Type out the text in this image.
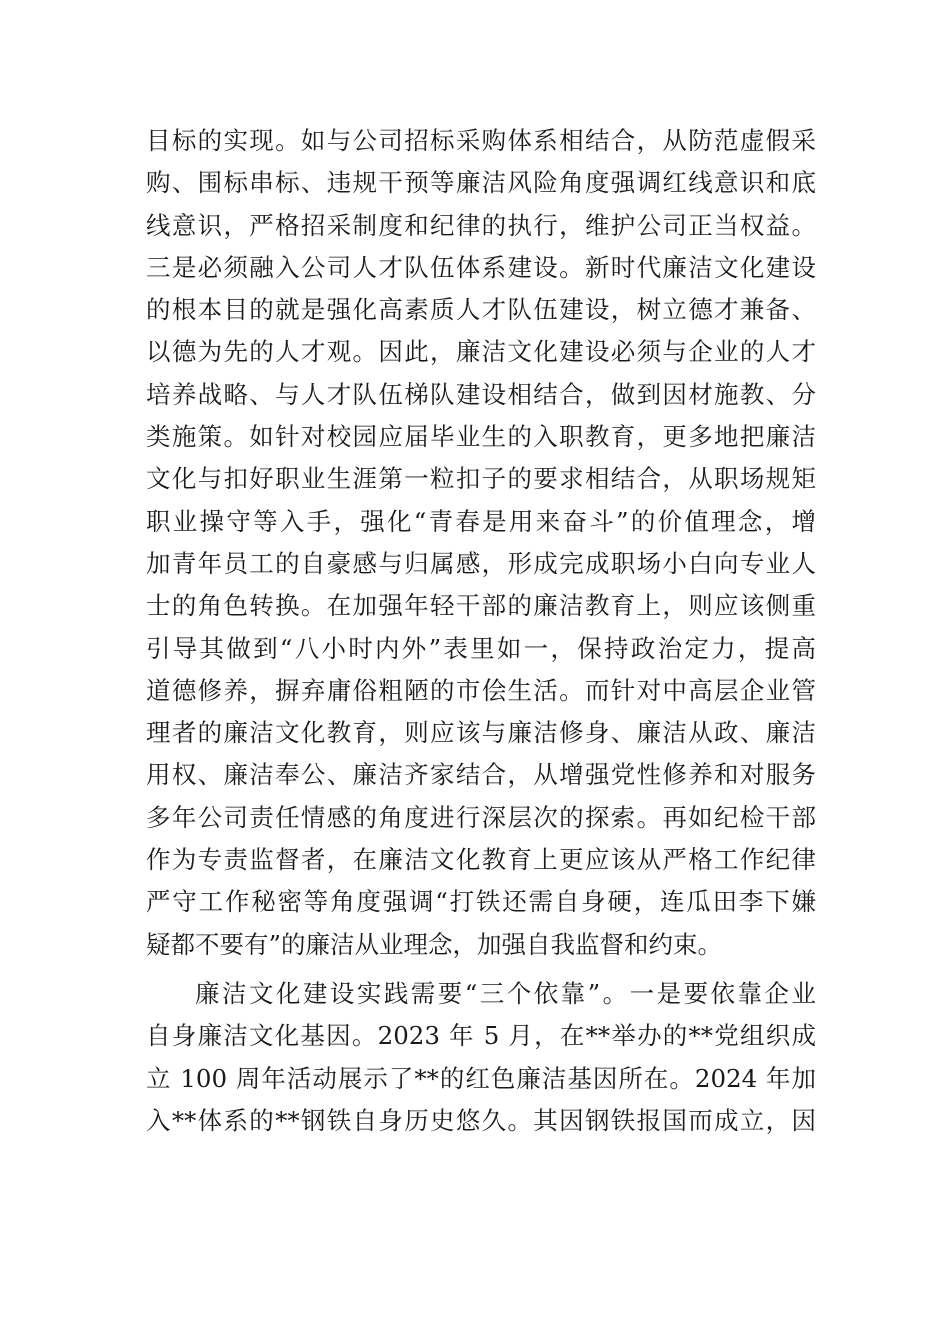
目标的实现。如与公司招标采购体系相结合，从防范虚假采
购、围标串标、违规干预等廉洁风险角度强调红线意识和底
线意识，严格招采制度和纪律的执行，维护公司正当权益。
三是必须融入公司人才队伍体系建设。新时代廉洁文化建设
的根本目的就是强化高素质人才队伍建设，树立德才兼备、
以德为先的人才观。因此，廉洁文化建设必须与企业的人才
培养战略、与人才队伍梯队建设相结合，做到因材施教、分
类施策。如针对校园应届毕业生的入职教育，更多地把廉洁
文化与扣好职业生涯第一粒扣子的要求相结合，从职场规矩
职业操守等入手，强化“青春是用来奋斗”的价值理念，增
加青年员工的自豪感与归属感，形成完成职场小白向专业人
士的角色转换。在加强年轻干部的廉洁教育上，则应该侧重
引导其做到“八小时内外”表里如一，保持政治定力，提高
道德修养，摒弃庸俗粗陋的市侩生活。而针对中高层企业管
理者的廉洁文化教育，则应该与廉洁修身、廉洁从政、廉洁
用权、廉洁奉公、廉洁齐家结合，从增强党性修养和对服务
多年公司责任情感的角度进行深层次的探索。再如纪检干部
作为专责监督者，在廉洁文化教育上更应该从严格工作纪律
严守工作秘密等角度强调“打铁还需自身硬，连瓜田李下嫌
疑都不要有”的廉洁从业理念，加强自我监督和约束。
廉洁文化建设实践需要“三个依靠”。一是要依靠企业
自身廉洁文化基因。2023 年 5 月，在**举办的**党组织成
立 100 周年活动展示了**的红色廉洁基因所在。2024 年加
入**体系的**钢铁自身历史悠久。其因钢铁报国而成立，因
